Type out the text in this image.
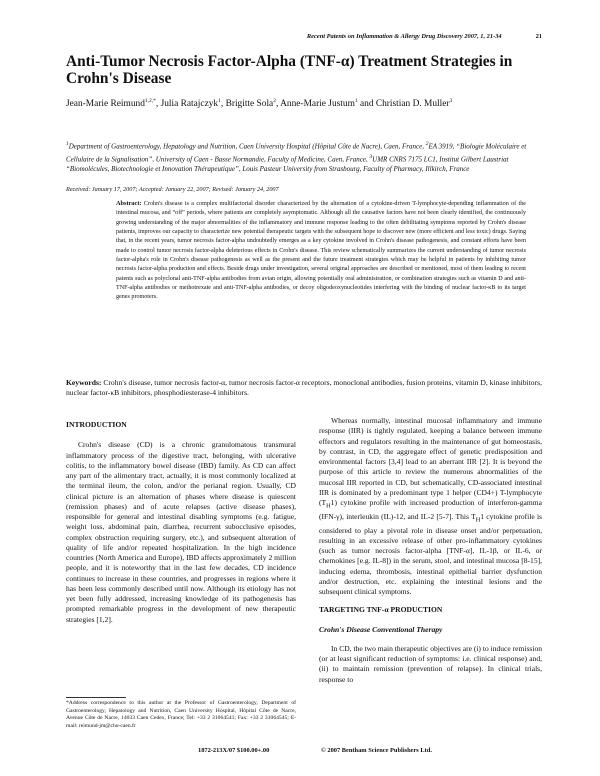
Recent Patents on Inflammation & Allergy Drug Discovery 2007, 1, 21-34	21
Anti-Tumor Necrosis Factor-Alpha (TNF-α) Treatment Strategies in Crohn's Disease
Jean-Marie Reimund$^{1,2,*}$, Julia Ratajczyk$^1$, Brigitte Sola$^2$, Anne-Marie Justum$^1$ and Christian D. Muller$^3$
$^1$Department of Gastroenterology, Hepatology and Nutrition, Caen University Hospital (Hôpital Côte de Nacre), Caen, France, $^2$EA 3919, “Biologie Moléculaire et Cellulaire de la Signalisation”, University of Caen - Basse Normandie, Faculty of Medicine, Caen, France, $^3$UMR CNRS 7175 LC1, Institut Gilbert Laustriat “Biomolécules, Biotechnologie et Innovation Thérapeutique”, Louis Pasteur University from Strasbourg, Faculty of Pharmacy, Illkirch, France
Received: January 17, 2007; Accepted: January 22, 2007; Revised: January 24, 2007
Abstract: Crohn's disease is a complex multifactorial disorder characterized by the alternation of a cytokine-driven T-lymphocyte-depending inflammation of the intestinal mucosa, and “off” periods, where patients are completely asymptomatic. Although all the causative factors have not been clearly identified, the continuously growing understanding of the major abnormalities of the inflammatory and immune response leading to the often debilitating symptoms reported by Crohn's disease patients, improves our capacity to characterize new potential therapeutic targets with the subsequent hope to discover new (more efficient and less toxic) drugs. Saying that, in the recent years, tumor necrosis factor-alpha undoubtedly emerges as a key cytokine involved in Crohn's disease pathogenesis, and constant efforts have been made to control tumor necrosis factor-alpha deleterious effects in Crohn's disease. This review schematically summarizes the current understanding of tumor necrosis factor-alpha's role in Crohn's disease pathogenesis as well as the present and the future treatment strategies which may be helpful in patients by inhibiting tumor necrosis factor-alpha production and effects. Beside drugs under investigation, several original approaches are described or mentioned, most of them leading to recent patents such as polyclonal anti-TNF-alpha antibodies from avian origin, allowing potentially oral administration, or combination strategies such as vitamin D and anti-TNF-alpha antibodies or methotrexate and anti-TNF-alpha antibodies, or decoy oligodeoxynucleotides interfering with the binding of nuclear factor-κB to its target genes promoters.
Keywords: Crohn's disease, tumor necrosis factor-α, tumor necrosis factor-α receptors, monoclonal antibodies, fusion proteins, vitamin D, kinase inhibitors, nuclear factor-κB inhibitors, phosphodiesterase-4 inhibitors.
INTRODUCTION

Crohn's disease (CD) is a chronic granulomatous transmural inflammatory process of the digestive tract, belonging, with ulcerative colitis, to the inflammatory bowel disease (IBD) family. As CD can affect any part of the alimentary tract, actually, it is most commonly localized at the terminal ileum, the colon, and/or the perianal region. Usually, CD clinical picture is an alternation of phases where disease is quiescent (remission phases) and of acute relapses (active disease phases), responsible for general and intestinal disabling symptoms (e.g. fatigue, weight loss, abdominal pain, diarrhea, recurrent subocclusive episodes, complex obstruction requiring surgery, etc.), and subsequent alteration of quality of life and/or repeated hospitalization. In the high incidence countries (North America and Europe), IBD affects approximately 2 million people, and it is noteworthy that in the last few decades, CD incidence continues to increase in these countries, and progresses in regions where it has been less commonly described until now. Although its etiology has not yet been fully addressed, increasing knowledge of its pathogenesis has prompted remarkable progress in the development of new therapeutic strategies [1,2].

*Address correspondence to this author at the Professor of Gastroenterology, Department of Gastroenterology, Hepatology and Nutrition, Caen University Hospital, Hôpital Côte de Nacre, Avenue Côte de Nacre, 14033 Caen Cedex, France; Tel: +33 2 31064541; Fax: +33 2 31064545; E-mail: reimund-jm@chu-caen.fr

Whereas normally, intestinal mucosal inflammatory and immune response (IIR) is tightly regulated, keeping a balance between immune effectors and regulators resulting in the maintenance of gut homeostasis, by contrast, in CD, the aggregate effect of genetic predisposition and environmental factors [3,4] lead to an aberrant IIR [2]. It is beyond the purpose of this article to review the numerous abnormalities of the mucosal IIR reported in CD, but schematically, CD-associated intestinal IIR is dominated by a predominant type 1 helper (CD4+) T-lymphocyte $(T_H1)$ cytokine profile with increased production of interferon-gamma (IFN-γ), interleukin (IL)-12, and IL-2 [5-7]. This $T_H1$ cytokine profile is considered to play a pivotal role in disease onset and/or perpetuation, resulting in an excessive release of other pro-inflammatory cytokines (such as tumor necrosis factor-alpha [TNF-α], IL-1β, or IL-6, or chemokines [e.g. IL-8]) in the serum, stool, and intestinal mucosa [8-15], inducing edema, thrombosis, intestinal epithelial barrier dysfunction and/or destruction, etc. explaining the intestinal lesions and the subsequent clinical symptoms.

TARGETING TNF-α PRODUCTION
Crohn's Disease Conventional Therapy

In CD, the two main therapeutic objectives are (i) to induce remission (or at least significant reduction of symptoms: i.e. clinical response) and, (ii) to maintain remission (prevention of relapse). In clinical trials, response to

1872-213X/07 $100.00+.00	© 2007 Bentham Science Publishers Ltd.
